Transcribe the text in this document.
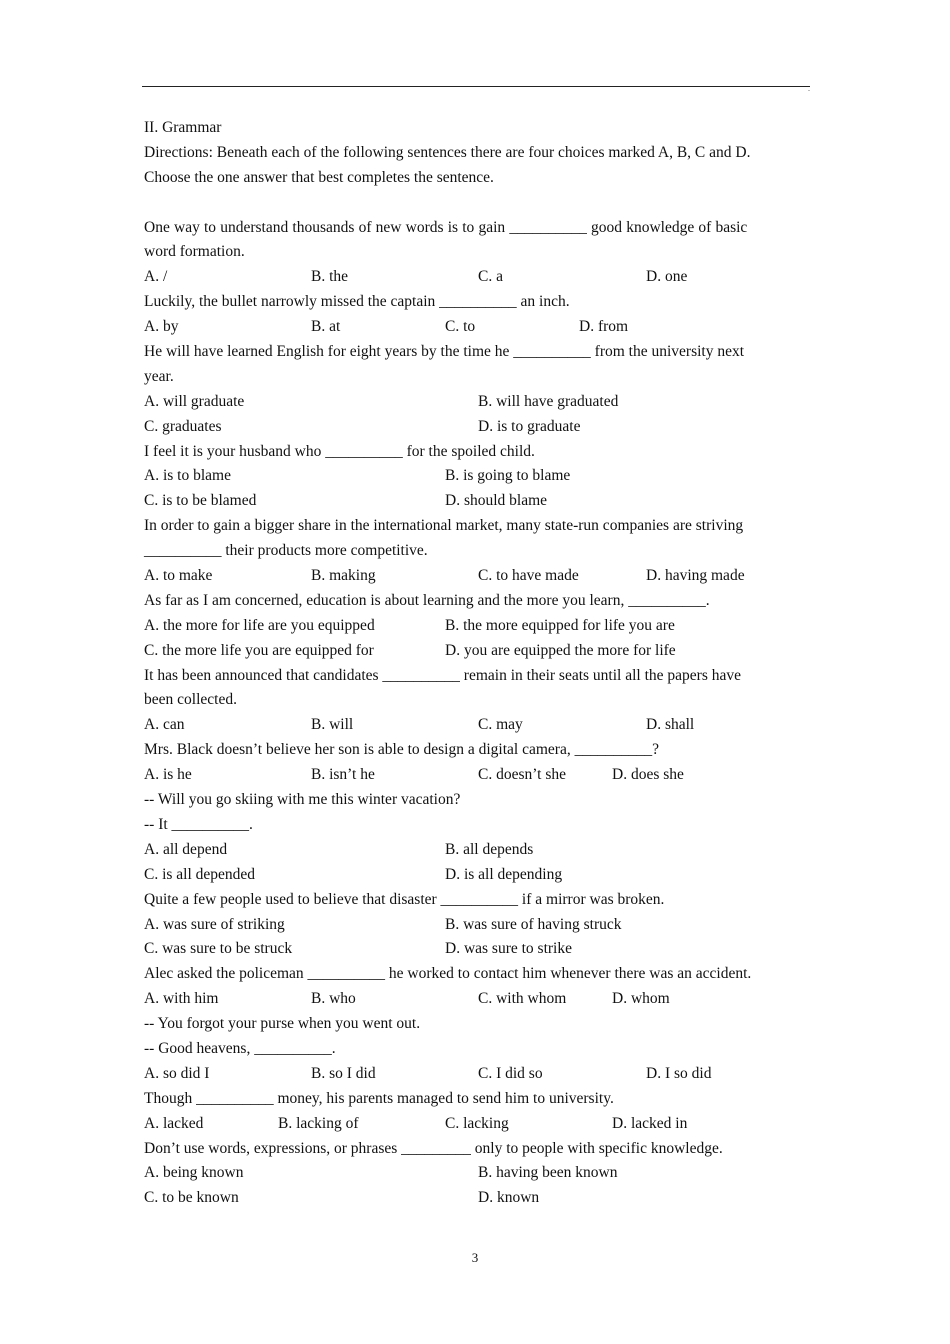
.
II. Grammar
Directions: Beneath each of the following sentences there are four choices marked A, B, C and D.
Choose the one answer that best completes the sentence.
One way to understand thousands of new words is to gain __________ good knowledge of basic
word formation.
A. /	B. the	C. a	D. one
Luckily, the bullet narrowly missed the captain __________ an inch.
A. by	B. at	C. to	D. from
He will have learned English for eight years by the time he __________ from the university next
year.
A. will graduate	B. will have graduated
C. graduates	D. is to graduate
I feel it is your husband who __________ for the spoiled child.
A. is to blame	B. is going to blame
C. is to be blamed	D. should blame
In order to gain a bigger share in the international market, many state-run companies are striving
__________ their products more competitive.
A. to make	B. making	C. to have made	D. having made
As far as I am concerned, education is about learning and the more you learn, __________.
A. the more for life are you equipped	B. the more equipped for life you are
C. the more life you are equipped for	D. you are equipped the more for life
It has been announced that candidates __________ remain in their seats until all the papers have
been collected.
A. can	B. will	C. may	D. shall
Mrs. Black doesn’t believe her son is able to design a digital camera, __________?
A. is he	B. isn’t he	C. doesn’t she	D. does she
-- Will you go skiing with me this winter vacation?
-- It __________.
A. all depend	B. all depends
C. is all depended	D. is all depending
Quite a few people used to believe that disaster __________ if a mirror was broken.
A. was sure of striking	B. was sure of having struck
C. was sure to be struck	D. was sure to strike
Alec asked the policeman __________ he worked to contact him whenever there was an accident.
A. with him	B. who	C. with whom	D. whom
-- You forgot your purse when you went out.
-- Good heavens, __________.
A. so did I	B. so I did	C. I did so	D. I so did
Though __________ money, his parents managed to send him to university.
A. lacked	B. lacking of	C. lacking	D. lacked in
Don’t use words, expressions, or phrases _________ only to people with specific knowledge.
A. being known	B. having been known
C. to be known	D. known
3
